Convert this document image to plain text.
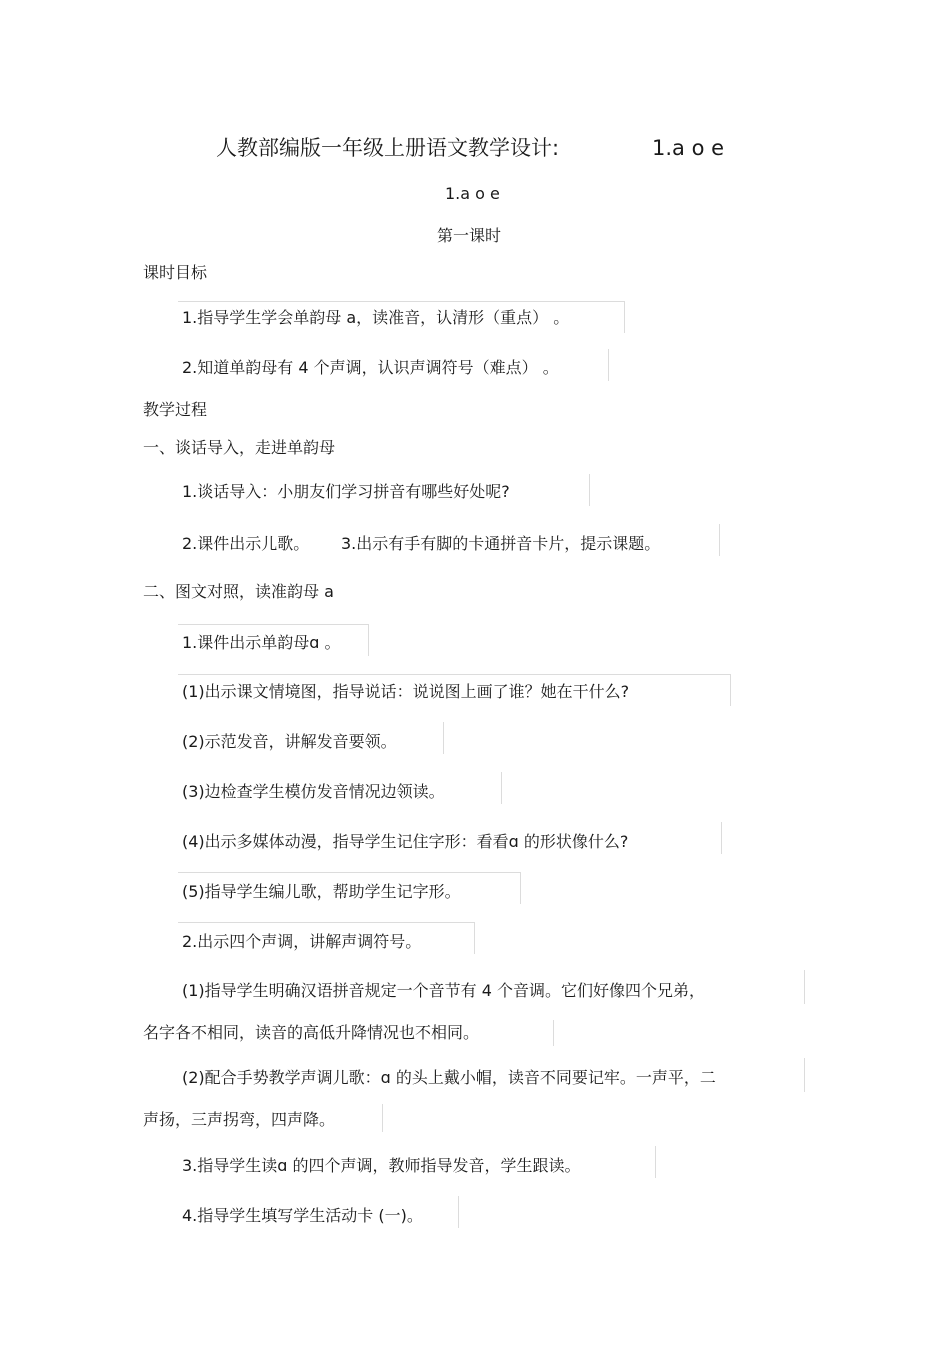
人教部编版一年级上册语文教学设计:	1.a o e
1.a o e
第一课时
课时目标
1.指导学生学会单韵母 a，读准音，认清形（重点） 。
2.知道单韵母有 4 个声调，认识声调符号（难点） 。
教学过程
一、谈话导入，走进单韵母
1.谈话导入：小朋友们学习拼音有哪些好处呢?
2.课件出示儿歌。 3.出示有手有脚的卡通拼音卡片，提示课题。
二、图文对照，读准韵母 a
1.课件出示单韵母ɑ 。
(1)出示课文情境图，指导说话：说说图上画了谁？她在干什么?
(2)示范发音，讲解发音要领。
(3)边检查学生模仿发音情况边领读。
(4)出示多媒体动漫，指导学生记住字形：看看ɑ 的形状像什么?
(5)指导学生编儿歌，帮助学生记字形。
2.出示四个声调，讲解声调符号。
(1)指导学生明确汉语拼音规定一个音节有 4 个音调。它们好像四个兄弟，
名字各不相同，读音的高低升降情况也不相同。
(2)配合手势教学声调儿歌：ɑ 的头上戴小帽，读音不同要记牢。一声平，二
声扬，三声拐弯，四声降。
3.指导学生读ɑ 的四个声调，教师指导发音，学生跟读。
4.指导学生填写学生活动卡 (一)。
